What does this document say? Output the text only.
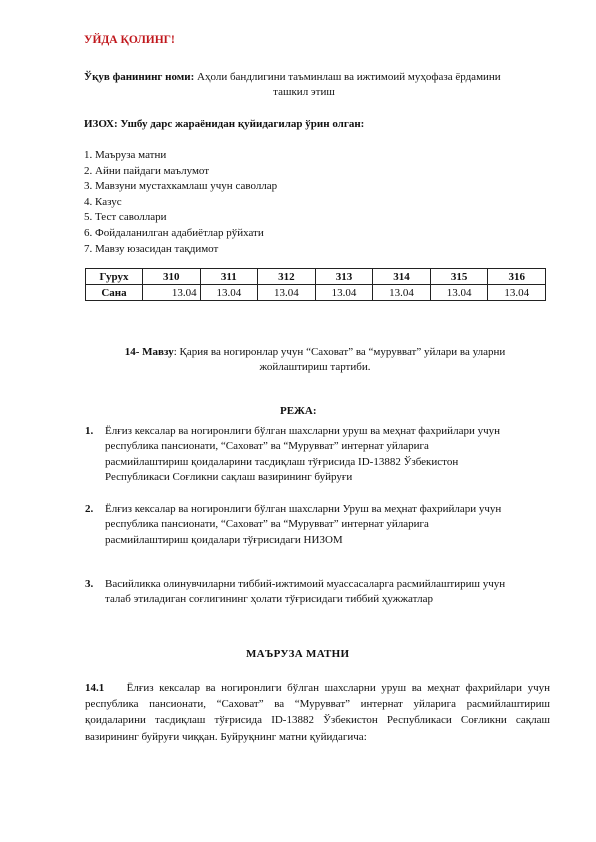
УЙДА ҚОЛИНГ!
Ўқув фанининг номи: Аҳоли бандлигини таъминлаш ва ижтимоий муҳофаза ёрдамини
ташкил этиш
ИЗОХ: Ушбу дарс жараёнидан қуйидагилар ўрин олган:
1. Маъруза матни
2. Айни пайдаги маълумот
3. Мавзуни мустахкамлаш учун саволлар
4. Казус
5. Тест саволлари
6. Фойдаланилган адабиётлар рўйхати
7. Мавзу юзасидан тақдимот
Гурух	310	311	312	313	314	315	316
Сана	13.04	13.04	13.04	13.04	13.04	13.04	13.04
14- Мавзу: Қария ва ногиронлар учун “Саховат” ва “мурувват” уйлари ва уларни
жойлаштириш тартиби.
РЕЖА:
1. Ёлғиз кексалар ва ногиронлиги бўлган шахсларни уруш ва меҳнат фахрийлари учун
республика пансионати, “Саховат” ва “Мурувват” интернат уйларига
расмийлаштириш қоидаларини тасдиқлаш тўғрисида ID-13882 Ўзбекистон
Республикаси Соғликни сақлаш вазирининг буйруғи
2. Ёлғиз кексалар ва ногиронлиги бўлган шахсларни Уруш ва меҳнат фахрийлари учун
республика пансионати, “Саховат” ва “Мурувват” интернат уйларига
расмийлаштириш қоидалари тўғрисидаги НИЗОМ
3. Васийликка олинувчиларни тиббий-ижтимоий муассасаларга расмийлаштириш учун
талаб этиладиган соғлигининг ҳолати тўғрисидаги тиббий ҳужжатлар
МАЪРУЗА МАТНИ
14.1 Ёлғиз кексалар ва ногиронлиги бўлган шахсларни уруш ва меҳнат фахрийлари учун республика пансионати, “Саховат” ва “Мурувват” интернат уйларига расмийлаштириш қоидаларини тасдиқлаш тўғрисида ID-13882 Ўзбекистон Республикаси Соғликни сақлаш вазирининг буйруғи чиққан. Буйруқнинг матни қуйидагича:
